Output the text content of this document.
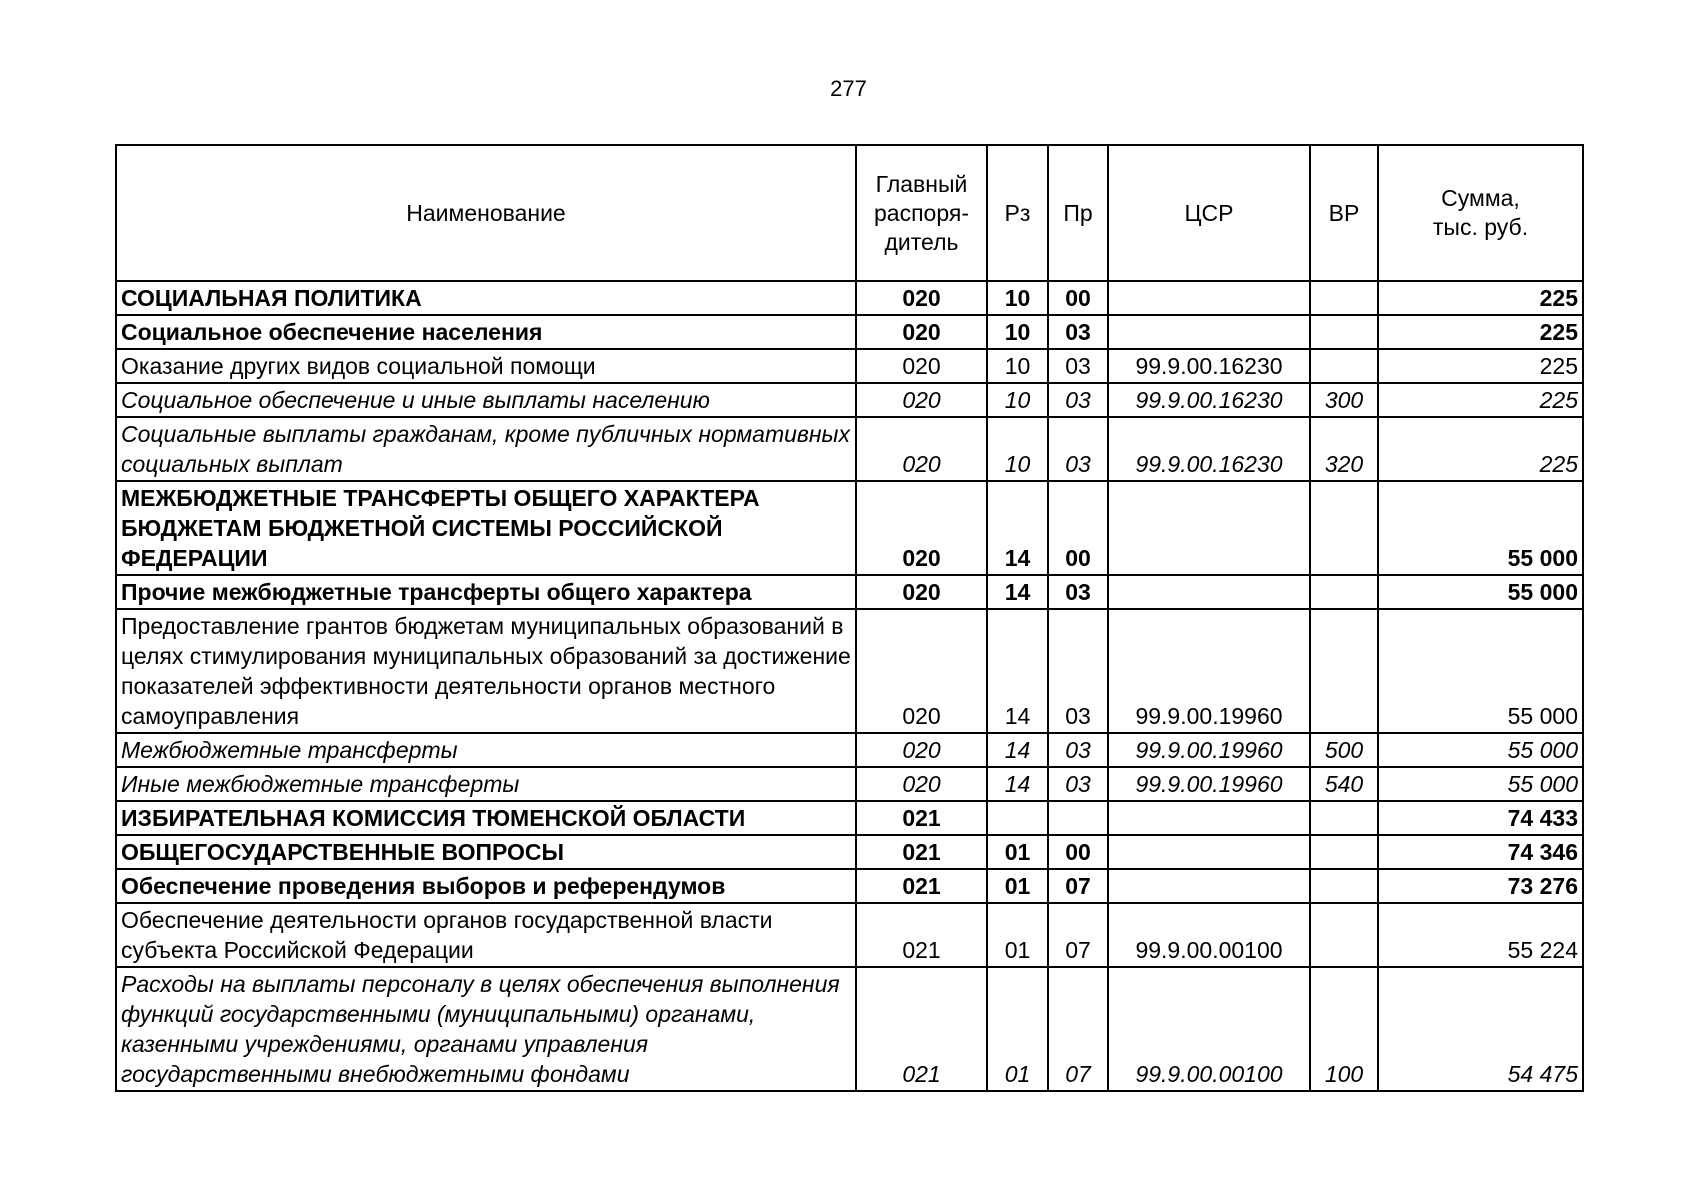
277
Наименование	Главный
распоря-
дитель	Рз	Пр	ЦСР	ВР	Сумма,
тыс. руб.
СОЦИАЛЬНАЯ ПОЛИТИКА	020	10	00			225
Социальное обеспечение населения	020	10	03			225
Оказание других видов социальной помощи	020	10	03	99.9.00.16230		225
Социальное обеспечение и иные выплаты населению	020	10	03	99.9.00.16230	300	225
Социальные выплаты гражданам, кроме публичных нормативных социальных выплат	020	10	03	99.9.00.16230	320	225
МЕЖБЮДЖЕТНЫЕ ТРАНСФЕРТЫ ОБЩЕГО ХАРАКТЕРА БЮДЖЕТАМ БЮДЖЕТНОЙ СИСТЕМЫ РОССИЙСКОЙ ФЕДЕРАЦИИ	020	14	00			55 000
Прочие межбюджетные трансферты общего характера	020	14	03			55 000
Предоставление грантов бюджетам муниципальных образований в целях стимулирования муниципальных образований за достижение показателей эффективности деятельности органов местного самоуправления	020	14	03	99.9.00.19960		55 000
Межбюджетные трансферты	020	14	03	99.9.00.19960	500	55 000
Иные межбюджетные трансферты	020	14	03	99.9.00.19960	540	55 000
ИЗБИРАТЕЛЬНАЯ КОМИССИЯ ТЮМЕНСКОЙ ОБЛАСТИ	021					74 433
ОБЩЕГОСУДАРСТВЕННЫЕ ВОПРОСЫ	021	01	00			74 346
Обеспечение проведения выборов и референдумов	021	01	07			73 276
Обеспечение деятельности органов государственной власти субъекта Российской Федерации	021	01	07	99.9.00.00100		55 224
Расходы на выплаты персоналу в целях обеспечения выполнения функций государственными (муниципальными) органами, казенными учреждениями, органами управления государственными внебюджетными фондами	021	01	07	99.9.00.00100	100	54 475
